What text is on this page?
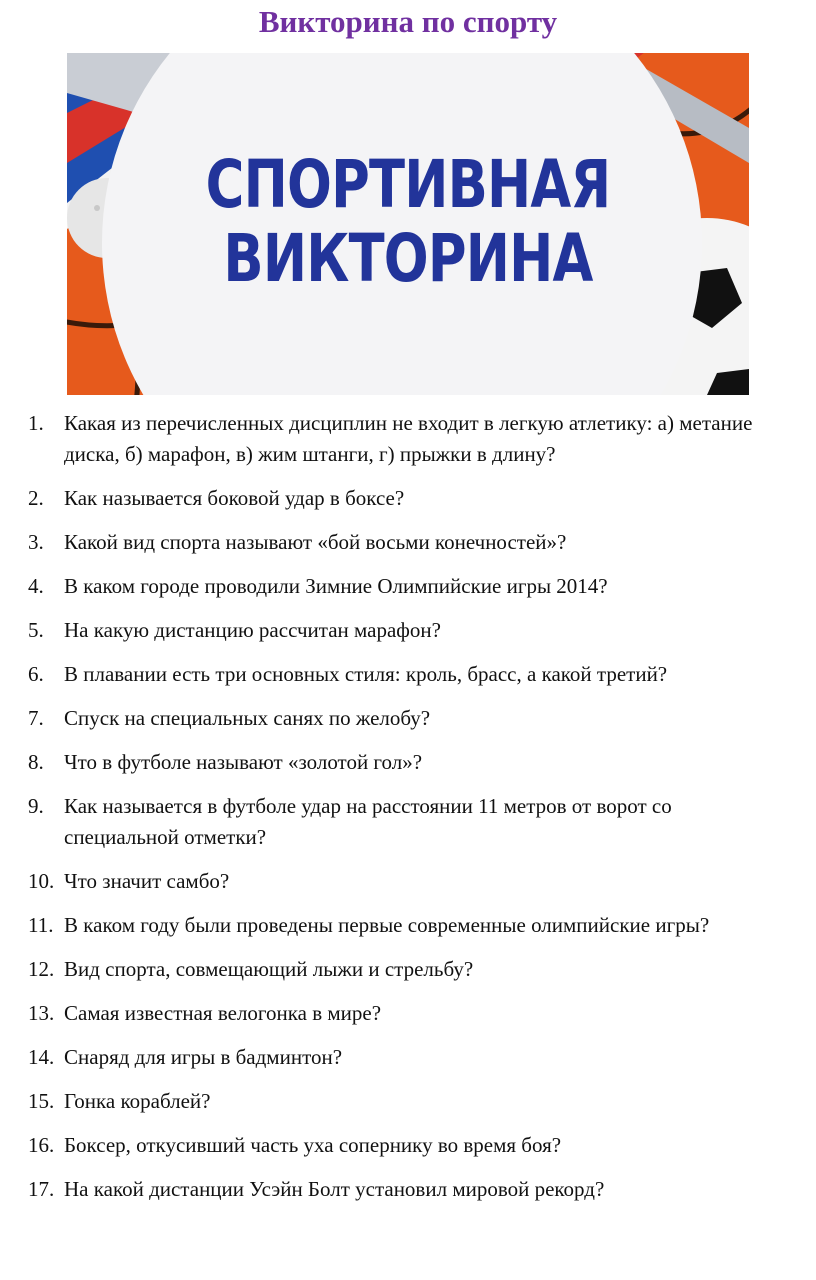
Викторина по спорту
СПОРТИВНАЯ
ВИКТОРИНА
1. Какая из перечисленных дисциплин не входит в легкую атлетику: а) метание диска, б) марафон, в) жим штанги, г) прыжки в длину?
2. Как называется боковой удар в боксе?
3. Какой вид спорта называют «бой восьми конечностей»?
4. В каком городе проводили Зимние Олимпийские игры 2014?
5. На какую дистанцию рассчитан марафон?
6. В плавании есть три основных стиля: кроль, брасс, а какой третий?
7. Спуск на специальных санях по желобу?
8. Что в футболе называют «золотой гол»?
9. Как называется в футболе удар на расстоянии 11 метров от ворот со специальной отметки?
10. Что значит самбо?
11. В каком году были проведены первые современные олимпийские игры?
12. Вид спорта, совмещающий лыжи и стрельбу?
13. Самая известная велогонка в мире?
14. Снаряд для игры в бадминтон?
15. Гонка кораблей?
16. Боксер, откусивший часть уха сопернику во время боя?
17. На какой дистанции Усэйн Болт установил мировой рекорд?
